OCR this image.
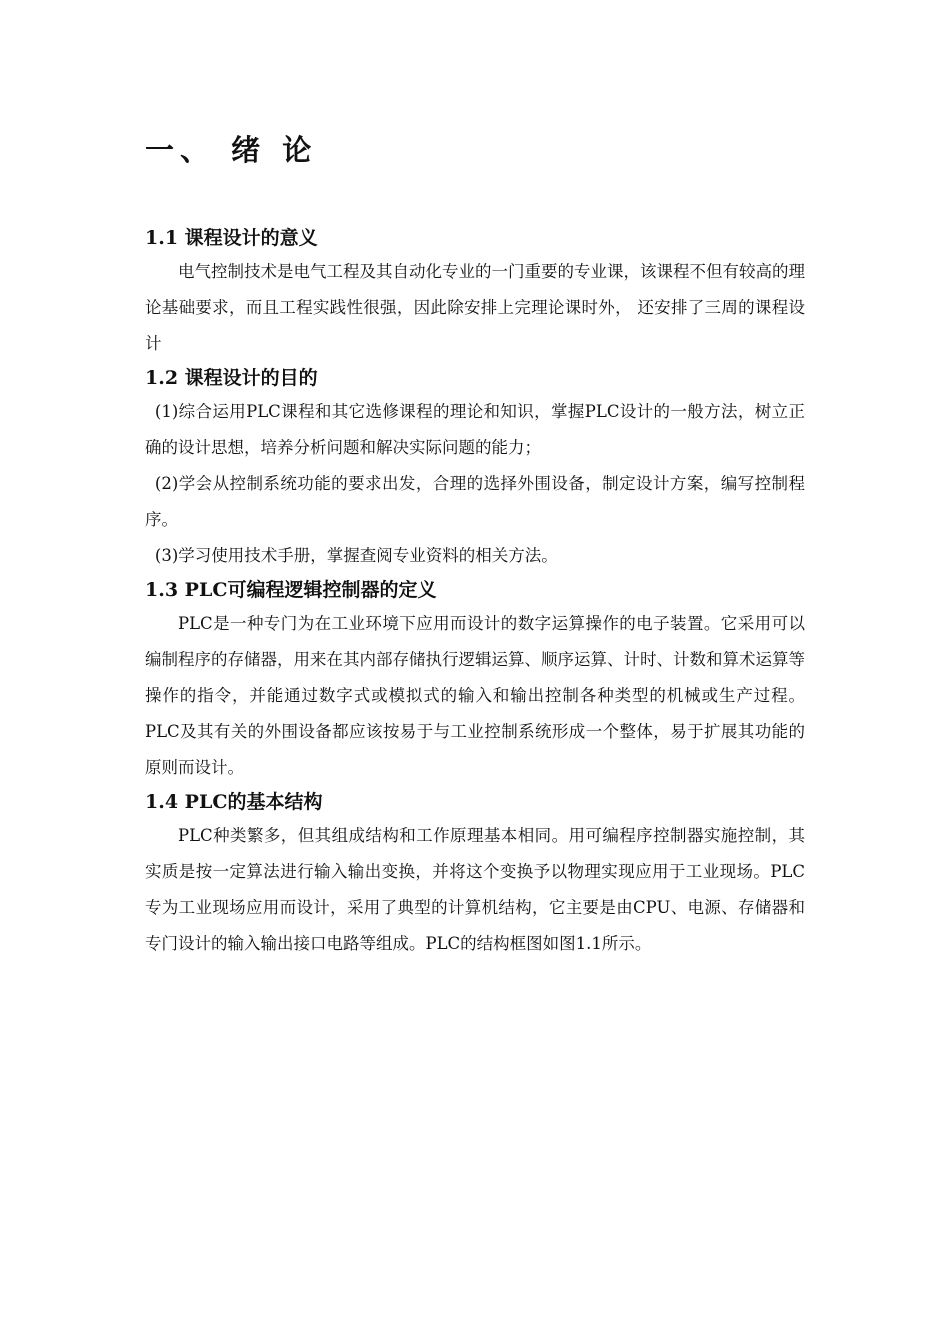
一、 绪 论
1.1 课程设计的意义

电气控制技术是电气工程及其自动化专业的一门重要的专业课，该课程不但有较高的理论基础要求，而且工程实践性很强，因此除安排上完理论课时外， 还安排了三周的课程设计

1.2 课程设计的目的

(1)综合运用PLC课程和其它选修课程的理论和知识，掌握PLC设计的一般方法，树立正确的设计思想，培养分析问题和解决实际问题的能力；

(2)学会从控制系统功能的要求出发，合理的选择外围设备，制定设计方案，编写控制程序。

(3)学习使用技术手册，掌握查阅专业资料的相关方法。

1.3 PLC可编程逻辑控制器的定义

PLC是一种专门为在工业环境下应用而设计的数字运算操作的电子装置。它采用可以编制程序的存储器，用来在其内部存储执行逻辑运算、顺序运算、计时、计数和算术运算等操作的指令，并能通过数字式或模拟式的输入和输出控制各种类型的机械或生产过程。PLC及其有关的外围设备都应该按易于与工业控制系统形成一个整体，易于扩展其功能的原则而设计。

1.4 PLC的基本结构

PLC种类繁多，但其组成结构和工作原理基本相同。用可编程序控制器实施控制，其实质是按一定算法进行输入输出变换，并将这个变换予以物理实现应用于工业现场。PLC专为工业现场应用而设计，采用了典型的计算机结构，它主要是由CPU、电源、存储器和专门设计的输入输出接口电路等组成。PLC的结构框图如图1.1所示。
